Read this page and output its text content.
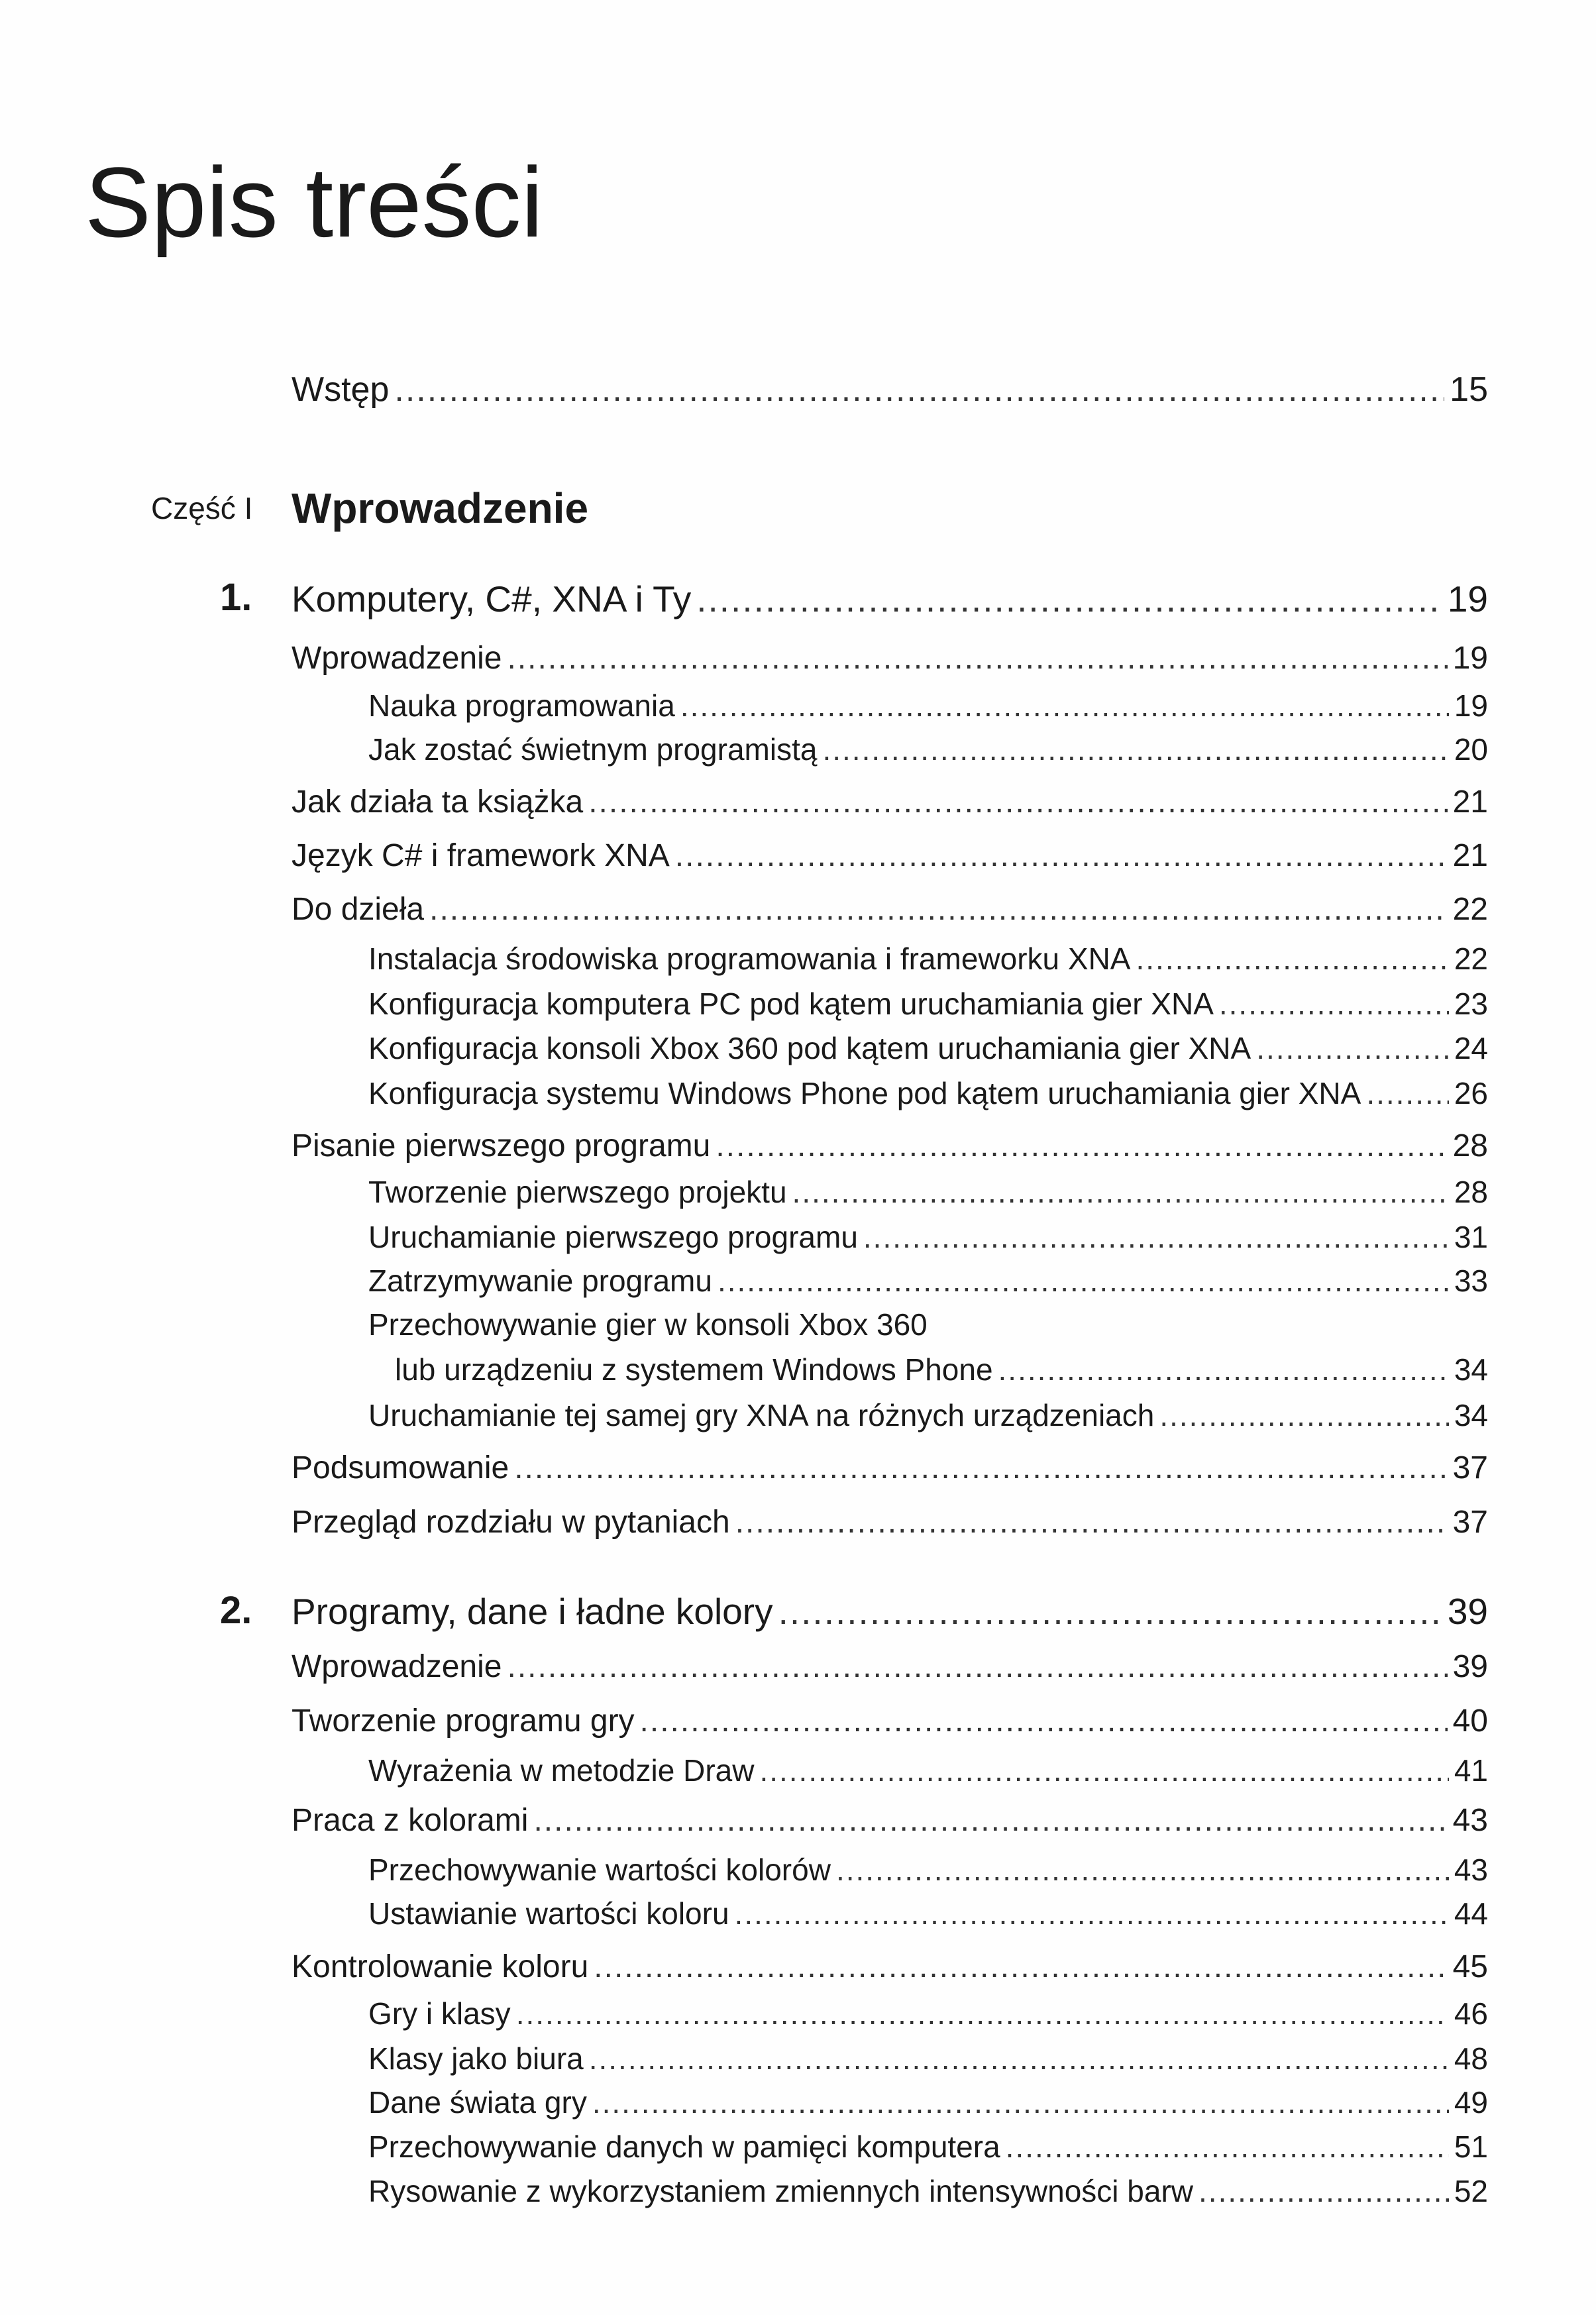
Spis treści
Wstęp .....	15
Część I Wprowadzenie
1. Komputery, C#, XNA i Ty .....	19
Wprowadzenie .....	19
Nauka programowania .....	19
Jak zostać świetnym programistą .....	20
Jak działa ta książka .....	21
Język C# i framework XNA .....	21
Do dzieła .....	22
Instalacja środowiska programowania i frameworku XNA .....	22
Konfiguracja komputera PC pod kątem uruchamiania gier XNA .....	23
Konfiguracja konsoli Xbox 360 pod kątem uruchamiania gier XNA .....	24
Konfiguracja systemu Windows Phone pod kątem uruchamiania gier XNA .....	26
Pisanie pierwszego programu .....	28
Tworzenie pierwszego projektu .....	28
Uruchamianie pierwszego programu .....	31
Zatrzymywanie programu .....	33
Przechowywanie gier w konsoli Xbox 360
lub urządzeniu z systemem Windows Phone .....	34
Uruchamianie tej samej gry XNA na różnych urządzeniach .....	34
Podsumowanie .....	37
Przegląd rozdziału w pytaniach .....	37
2. Programy, dane i ładne kolory .....	39
Wprowadzenie .....	39
Tworzenie programu gry .....	40
Wyrażenia w metodzie Draw .....	41
Praca z kolorami .....	43
Przechowywanie wartości kolorów .....	43
Ustawianie wartości koloru .....	44
Kontrolowanie koloru .....	45
Gry i klasy .....	46
Klasy jako biura .....	48
Dane świata gry .....	49
Przechowywanie danych w pamięci komputera .....	51
Rysowanie z wykorzystaniem zmiennych intensywności barw .....	52
